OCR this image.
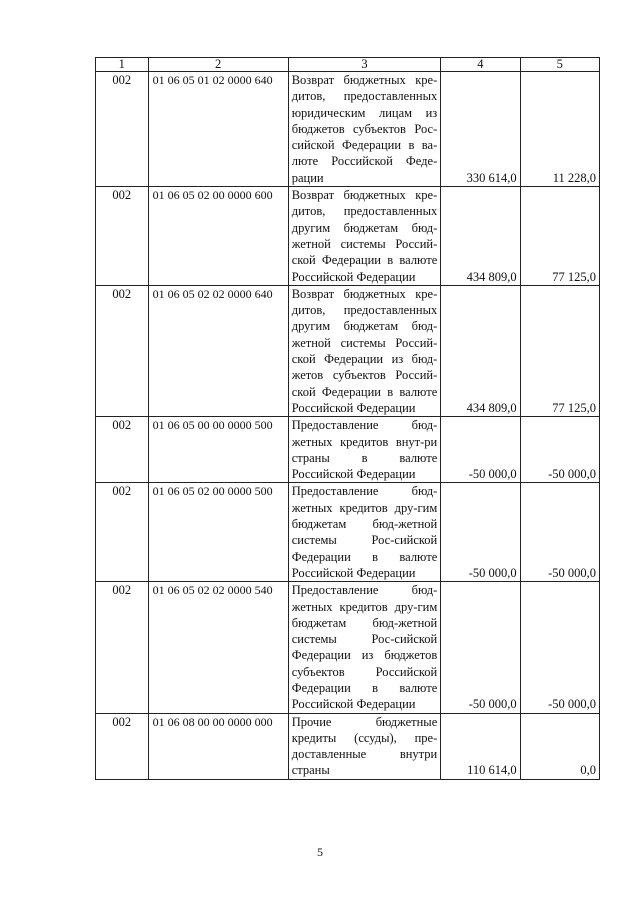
1	2	3	4	5
002	01 06 05 01 02 0000 640	Возврат бюджетных кре-дитов, предоставленных юридическим лицам из бюджетов субъектов Рос-сийской Федерации в ва-люте Российской Феде-рации	330 614,0	11 228,0
002	01 06 05 02 00 0000 600	Возврат бюджетных кре-дитов, предоставленных другим бюджетам бюд-жетной системы Россий-ской Федерации в валюте Российской Федерации	434 809,0	77 125,0
002	01 06 05 02 02 0000 640	Возврат бюджетных кре-дитов, предоставленных другим бюджетам бюд-жетной системы Россий-ской Федерации из бюд-жетов субъектов Россий-ской Федерации в валюте Российской Федерации	434 809,0	77 125,0
002	01 06 05 00 00 0000 500	Предоставление бюд-жетных кредитов внут-ри страны в валюте Российской Федерации	-50 000,0	-50 000,0
002	01 06 05 02 00 0000 500	Предоставление бюд-жетных кредитов дру-гим бюджетам бюд-жетной системы Рос-сийской Федерации в валюте Российской Федерации	-50 000,0	-50 000,0
002	01 06 05 02 02 0000 540	Предоставление бюд-жетных кредитов дру-гим бюджетам бюд-жетной системы Рос-сийской Федерации из бюджетов субъектов Российской Федерации в валюте Российской Федерации	-50 000,0	-50 000,0
002	01 06 08 00 00 0000 000	Прочие бюджетные кредиты (ссуды), пре-доставленные внутри страны	110 614,0	0,0
5
